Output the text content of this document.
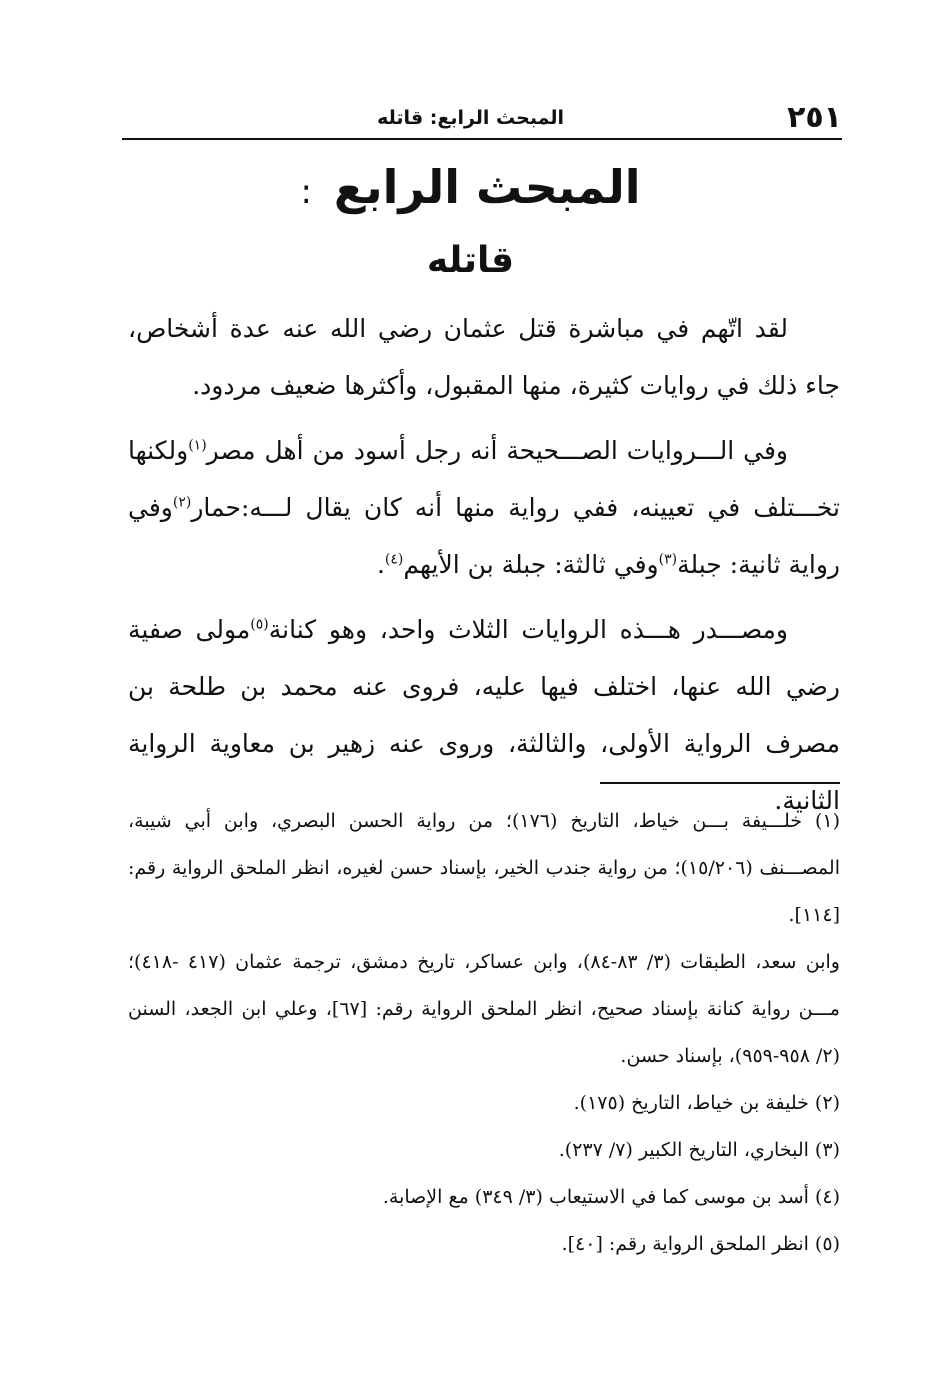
٢٥١
المبحث الرابع: قاتله
المبحث الرابع:
قاتله

لقد اتّهم في مباشرة قتل عثمان رضي الله عنه عدة أشخاص، جاء ذلك في روايات كثيرة، منها المقبول، وأكثرها ضعيف مردود.

وفي الـــروايات الصـــحيحة أنه رجل أسود من أهل مصر$^{(١)}$ولكنها تخـــتلف في تعيينه، ففي رواية منها أنه كان يقال لـــه:حمار$^{(٢)}$وفي رواية ثانية: جبلة$^{(٣)}$وفي ثالثة: جبلة بن الأيهم$^{(٤)}$.

ومصـــدر هـــذه الروايات الثلاث واحد، وهو كنانة$^{(٥)}$مولى صفية رضي الله عنها، اختلف فيها عليه، فروى عنه محمد بن طلحة بن مصرف الرواية الأولى، والثالثة، وروى عنه زهير بن معاوية الرواية الثانية.

(١) خلـــيفة بـــن خياط، التاريخ (١٧٦)؛ من رواية الحسن البصري، وابن أبي شيبة، المصـــنف (١٥/٢٠٦)؛ من رواية جندب الخير، بإسناد حسن لغيره، انظر الملحق الرواية رقم: [١١٤].

وابن سعد، الطبقات (٣/ ٨٣-٨٤)، وابن عساكر، تاريخ دمشق، ترجمة عثمان (٤١٧ -٤١٨)؛ مـــن رواية كنانة بإسناد صحيح، انظر الملحق الرواية رقم: [٦٧]، وعلي ابن الجعد، السنن (٢/ ٩٥٨-٩٥٩)، بإسناد حسن.

(٢) خليفة بن خياط، التاريخ (١٧٥).

(٣) البخاري، التاريخ الكبير (٧/ ٢٣٧).

(٤) أسد بن موسى كما في الاستيعاب (٣/ ٣٤٩) مع الإصابة.

(٥) انظر الملحق الرواية رقم: [٤٠].
